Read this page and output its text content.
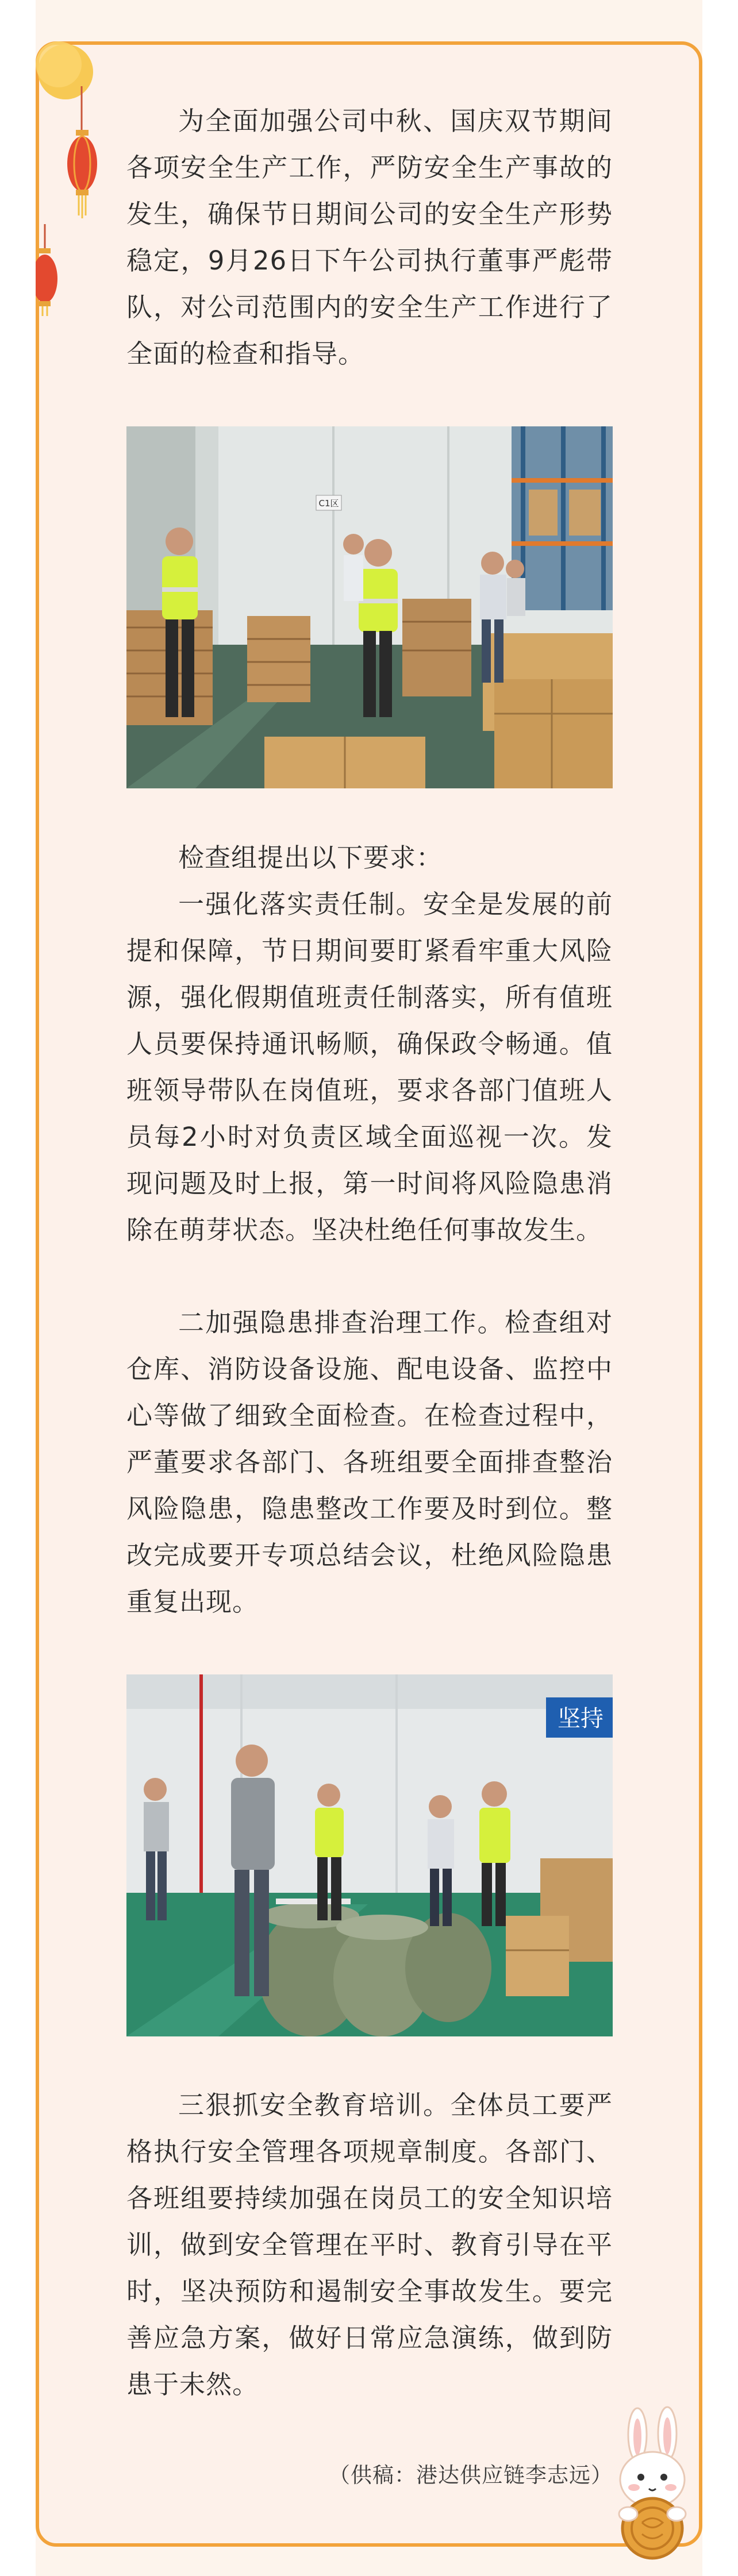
为全面加强公司中秋、国庆双节期间各项安全生产工作，严防安全生产事故的发生，确保节日期间公司的安全生产形势稳定，9月26日下午公司执行董事严彪带队，对公司范围内的安全生产工作进行了全面的检查和指导。

C1区

检查组提出以下要求：

一强化落实责任制。安全是发展的前提和保障，节日期间要盯紧看牢重大风险源，强化假期值班责任制落实，所有值班人员要保持通讯畅顺，确保政令畅通。值班领导带队在岗值班，要求各部门值班人员每2小时对负责区域全面巡视一次。发现问题及时上报，第一时间将风险隐患消除在萌芽状态。坚决杜绝任何事故发生。

二加强隐患排查治理工作。检查组对仓库、消防设备设施、配电设备、监控中心等做了细致全面检查。在检查过程中，严董要求各部门、各班组要全面排查整治风险隐患，隐患整改工作要及时到位。整改完成要开专项总结会议，杜绝风险隐患重复出现。

坚持

三狠抓安全教育培训。全体员工要严格执行安全管理各项规章制度。各部门、各班组要持续加强在岗员工的安全知识培训，做到安全管理在平时、教育引导在平时，坚决预防和遏制安全事故发生。要完善应急方案，做好日常应急演练，做到防患于未然。

（供稿：港达供应链李志远）
